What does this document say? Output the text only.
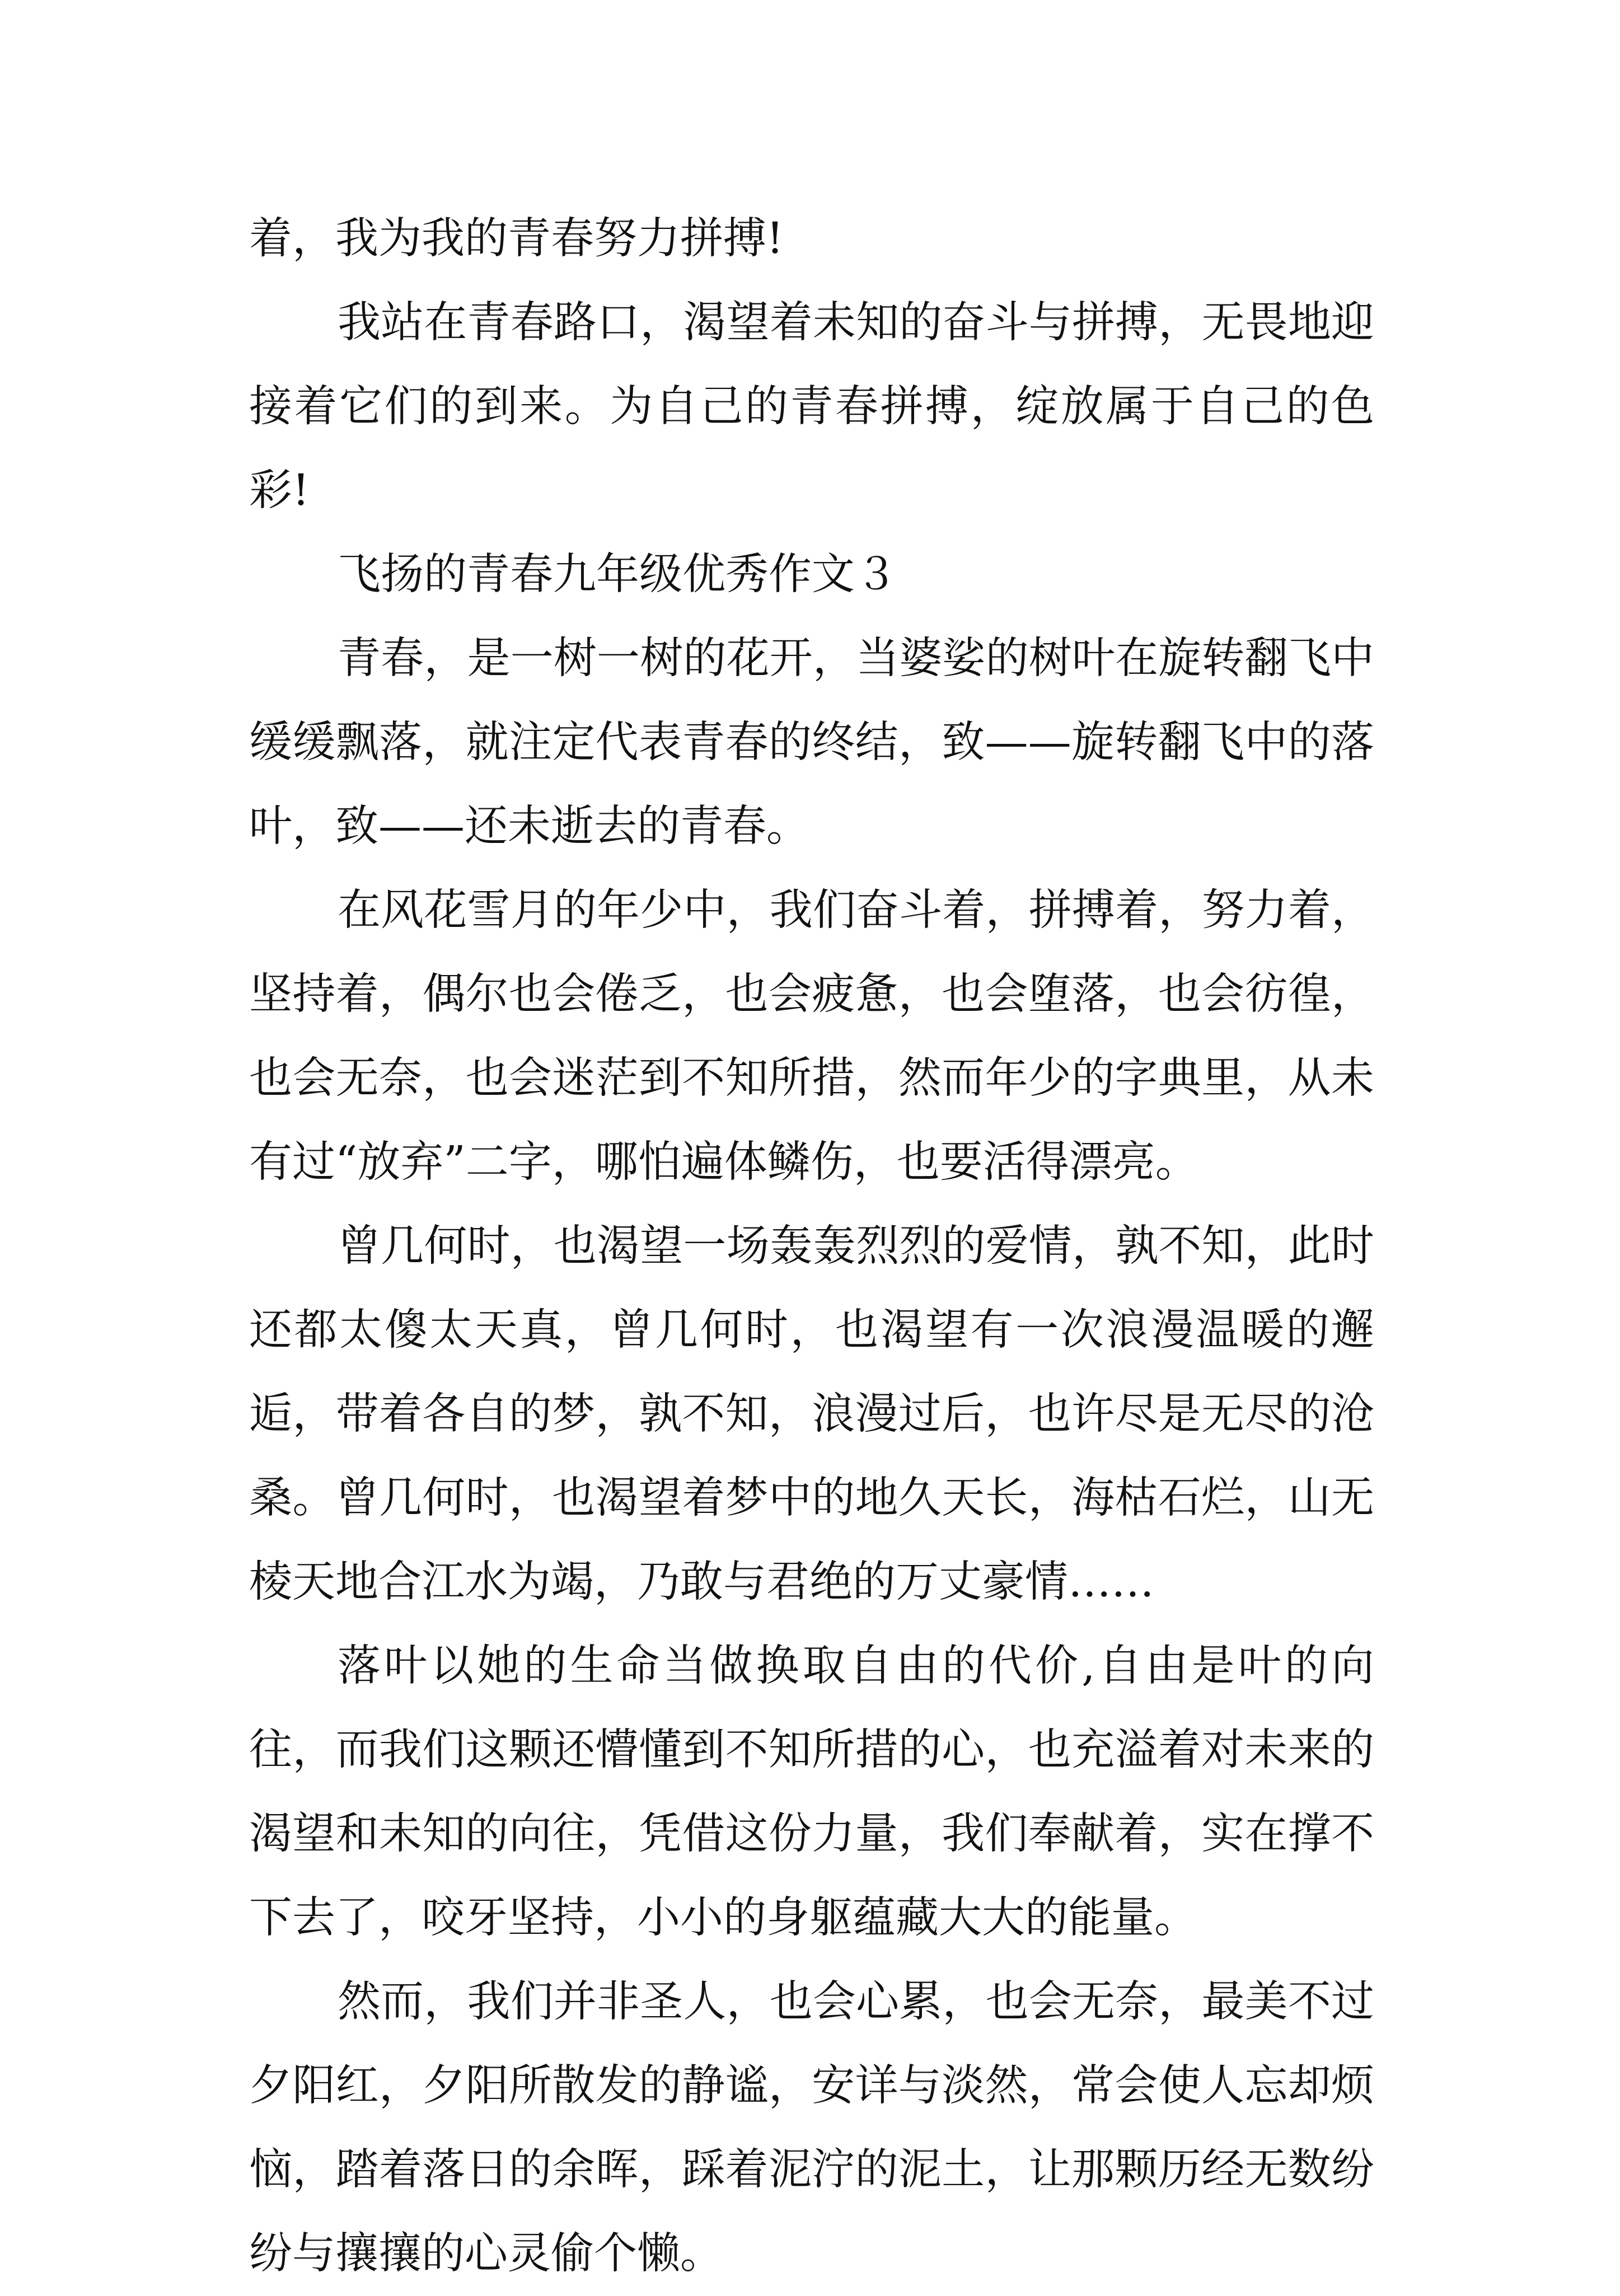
着，我为我的青春努力拼搏!

我站在青春路口，渴望着未知的奋斗与拼搏，无畏地迎接着它们的到来。为自己的青春拼搏，绽放属于自己的色彩!

飞扬的青春九年级优秀作文３

青春，是一树一树的花开，当婆娑的树叶在旋转翻飞中缓缓飘落，就注定代表青春的终结，致——旋转翻飞中的落叶，致——还未逝去的青春。

在风花雪月的年少中，我们奋斗着，拼搏着，努力着，坚持着，偶尔也会倦乏，也会疲惫，也会堕落，也会彷徨，也会无奈，也会迷茫到不知所措，然而年少的字典里，从未有过“放弃”二字，哪怕遍体鳞伤，也要活得漂亮。

曾几何时，也渴望一场轰轰烈烈的爱情，孰不知，此时还都太傻太天真，曾几何时，也渴望有一次浪漫温暖的邂逅，带着各自的梦，孰不知，浪漫过后，也许尽是无尽的沧桑。曾几何时，也渴望着梦中的地久天长，海枯石烂，山无棱天地合江水为竭，乃敢与君绝的万丈豪情……

落叶以她的生命当做换取自由的代价,自由是叶的向往，而我们这颗还懵懂到不知所措的心，也充溢着对未来的渴望和未知的向往，凭借这份力量，我们奉献着，实在撑不下去了，咬牙坚持，小小的身躯蕴藏大大的能量。

然而，我们并非圣人，也会心累，也会无奈，最美不过夕阳红，夕阳所散发的静谧，安详与淡然，常会使人忘却烦恼，踏着落日的余晖，踩着泥泞的泥土，让那颗历经无数纷纷与攘攘的心灵偷个懒。
